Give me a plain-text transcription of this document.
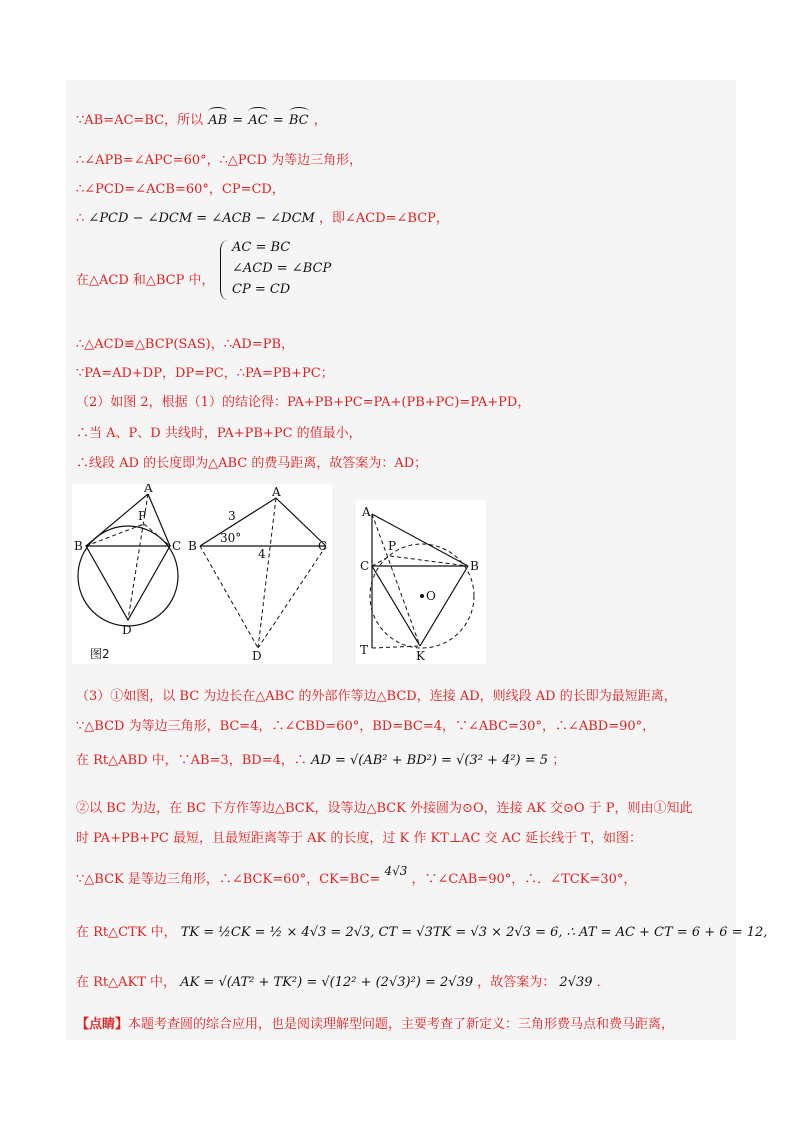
∵AB=AC=BC，所以 AB = AC = BC ，
∴∠APB=∠APC=60°，∴△PCD 为等边三角形，
∴∠PCD=∠ACB=60°，CP=CD，
∴ ∠PCD − ∠DCM = ∠ACB − ∠DCM ，即∠ACD=∠BCP，
在△ACD 和△BCP 中，
AC = BC
∠ACD = ∠BCP
CP = CD
∴△ACD≌△BCP(SAS)，∴AD=PB，
∵PA=AD+DP，DP=PC，∴PA=PB+PC；
（2）如图 2，根据（1）的结论得：PA+PB+PC=PA+(PB+PC)=PA+PD，
∴当 A、P、D 共线时，PA+PB+PC 的值最小，
∴线段 AD 的长度即为△ABC 的费马距离，故答案为：AD；
A
P
B	C
D
图2
A
B	C
D
3
30°
4
A
P
C	B
O
T	K
（3）①如图，以 BC 为边长在△ABC 的外部作等边△BCD，连接 AD，则线段 AD 的长即为最短距离，
∵△BCD 为等边三角形，BC=4，∴∠CBD=60°，BD=BC=4，∵∠ABC=30°，∴∠ABD=90°，
在 Rt△ABD 中，∵AB=3，BD=4，∴ AD = √(AB² + BD²) = √(3² + 4²) = 5 ；
②以 BC 为边，在 BC 下方作等边△BCK，设等边△BCK 外接圆为⊙O，连接 AK 交⊙O 于 P，则由①知此
时 PA+PB+PC 最短，且最短距离等于 AK 的长度，过 K 作 KT⊥AC 交 AC 延长线于 T，如图：
∵△BCK 是等边三角形，∴∠BCK=60°，CK=BC= 4√3 ，∵∠CAB=90°，∴．∠TCK=30°，
在 Rt△CTK 中， TK = ½CK = ½ × 4√3 = 2√3, CT = √3TK = √3 × 2√3 = 6, ∴ AT = AC + CT = 6 + 6 = 12,
在 Rt△AKT 中， AK = √(AT² + TK²) = √(12² + (2√3)²) = 2√39 ，故答案为： 2√39 ．
【点睛】本题考查圆的综合应用，也是阅读理解型问题，主要考查了新定义：三角形费马点和费马距离，
